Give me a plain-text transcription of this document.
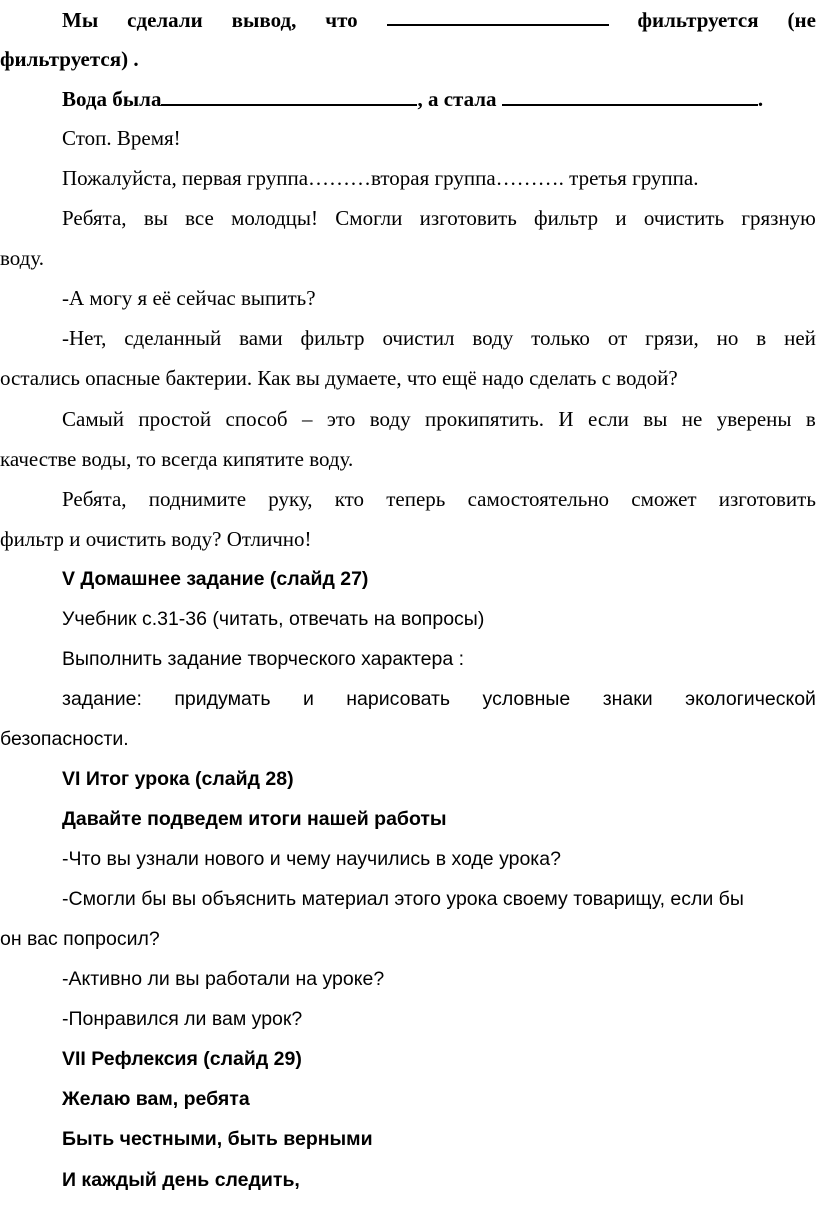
Мы сделали вывод, что	фильтруется (не
фильтруется) .
Вода была	, а стала	.
Стоп. Время!
Пожалуйста, первая группа………вторая группа………. третья группа.
Ребята, вы все молодцы! Смогли изготовить фильтр и очистить грязную
воду.
-А могу я её сейчас выпить?
-Нет, сделанный вами фильтр очистил воду только от грязи, но в ней
остались опасные бактерии. Как вы думаете, что ещё надо сделать с водой?
Самый простой способ – это воду прокипятить. И если вы не уверены в
качестве воды, то всегда кипятите воду.
Ребята, поднимите руку, кто теперь самостоятельно сможет изготовить
фильтр и очистить воду? Отлично!
V Домашнее задание (слайд 27)
Учебник с.31-36 (читать, отвечать на вопросы)
Выполнить задание творческого характера :
задание: придумать и нарисовать условные знаки экологической
безопасности.
VI Итог урока (слайд 28)
Давайте подведем итоги нашей работы
-Что вы узнали нового и чему научились в ходе урока?
-Смогли бы вы объяснить материал этого урока своему товарищу, если бы
он вас попросил?
-Активно ли вы работали на уроке?
-Понравился ли вам урок?
VII Рефлексия (слайд 29)
Желаю вам, ребята
Быть честными, быть верными
И каждый день следить,
